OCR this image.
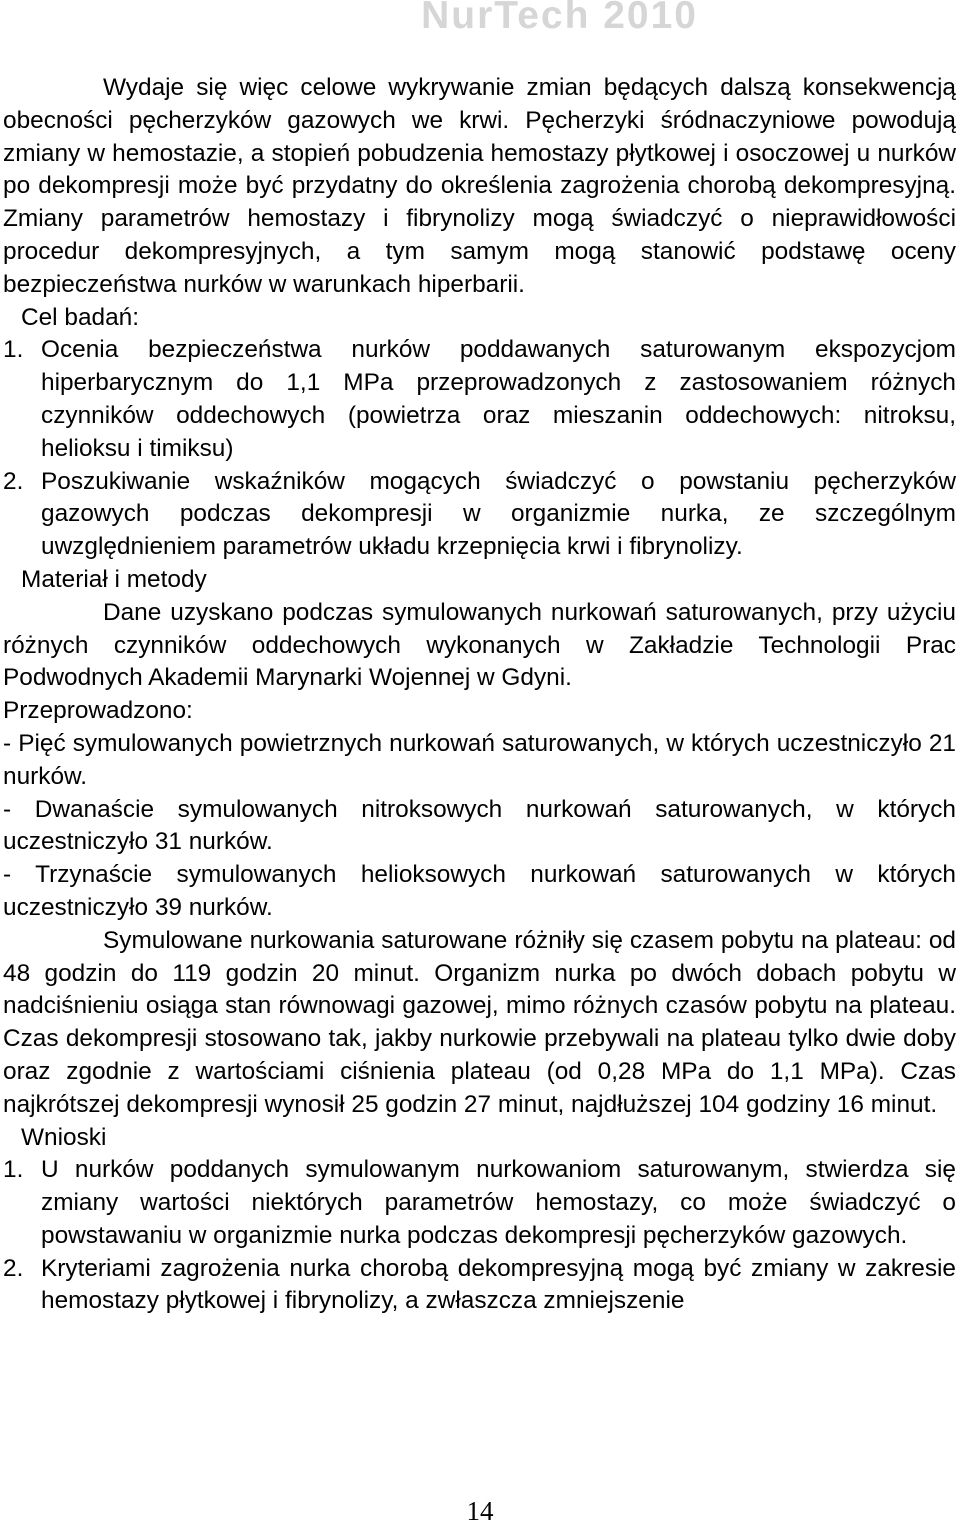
NurTech 2010

Wydaje się więc celowe wykrywanie zmian będących dalszą konsekwencją obecności pęcherzyków gazowych we krwi. Pęcherzyki śródnaczyniowe powodują zmiany w hemostazie, a stopień pobudzenia hemostazy płytkowej i osoczowej u nurków po dekompresji może być przydatny do określenia zagrożenia chorobą dekompresyjną. Zmiany parametrów hemostazy i fibrynolizy mogą świadczyć o nieprawidłowości procedur dekompresyjnych, a tym samym mogą stanowić podstawę oceny bezpieczeństwa nurków w warunkach hiperbarii.

Cel badań:
1. Ocenia bezpieczeństwa nurków poddawanych saturowanym ekspozycjom hiperbarycznym do 1,1 MPa przeprowadzonych z zastosowaniem różnych czynników oddechowych (powietrza oraz mieszanin oddechowych: nitroksu, helioksu i timiksu)
2. Poszukiwanie wskaźników mogących świadczyć o powstaniu pęcherzyków gazowych podczas dekompresji w organizmie nurka, ze szczególnym uwzględnieniem parametrów układu krzepnięcia krwi i fibrynolizy.
Materiał i metody

Dane uzyskano podczas symulowanych nurkowań saturowanych, przy użyciu różnych czynników oddechowych wykonanych w Zakładzie Technologii Prac Podwodnych Akademii Marynarki Wojennej w Gdyni.

Przeprowadzono:

- Pięć symulowanych powietrznych nurkowań saturowanych, w których uczestniczyło 21 nurków.

- Dwanaście symulowanych nitroksowych nurkowań saturowanych, w których uczestniczyło 31 nurków.

- Trzynaście symulowanych helioksowych nurkowań saturowanych w których uczestniczyło 39 nurków.

Symulowane nurkowania saturowane różniły się czasem pobytu na plateau: od 48 godzin do 119 godzin 20 minut. Organizm nurka po dwóch dobach pobytu w nadciśnieniu osiąga stan równowagi gazowej, mimo różnych czasów pobytu na plateau. Czas dekompresji stosowano tak, jakby nurkowie przebywali na plateau tylko dwie doby oraz zgodnie z wartościami ciśnienia plateau (od 0,28 MPa do 1,1 MPa). Czas najkrótszej dekompresji wynosił 25 godzin 27 minut, najdłuższej 104 godziny 16 minut.

Wnioski
1. U nurków poddanych symulowanym nurkowaniom saturowanym, stwierdza się zmiany wartości niektórych parametrów hemostazy, co może świadczyć o powstawaniu w organizmie nurka podczas dekompresji pęcherzyków gazowych.
2. Kryteriami zagrożenia nurka chorobą dekompresyjną mogą być zmiany w zakresie hemostazy płytkowej i fibrynolizy, a zwłaszcza zmniejszenie
14
